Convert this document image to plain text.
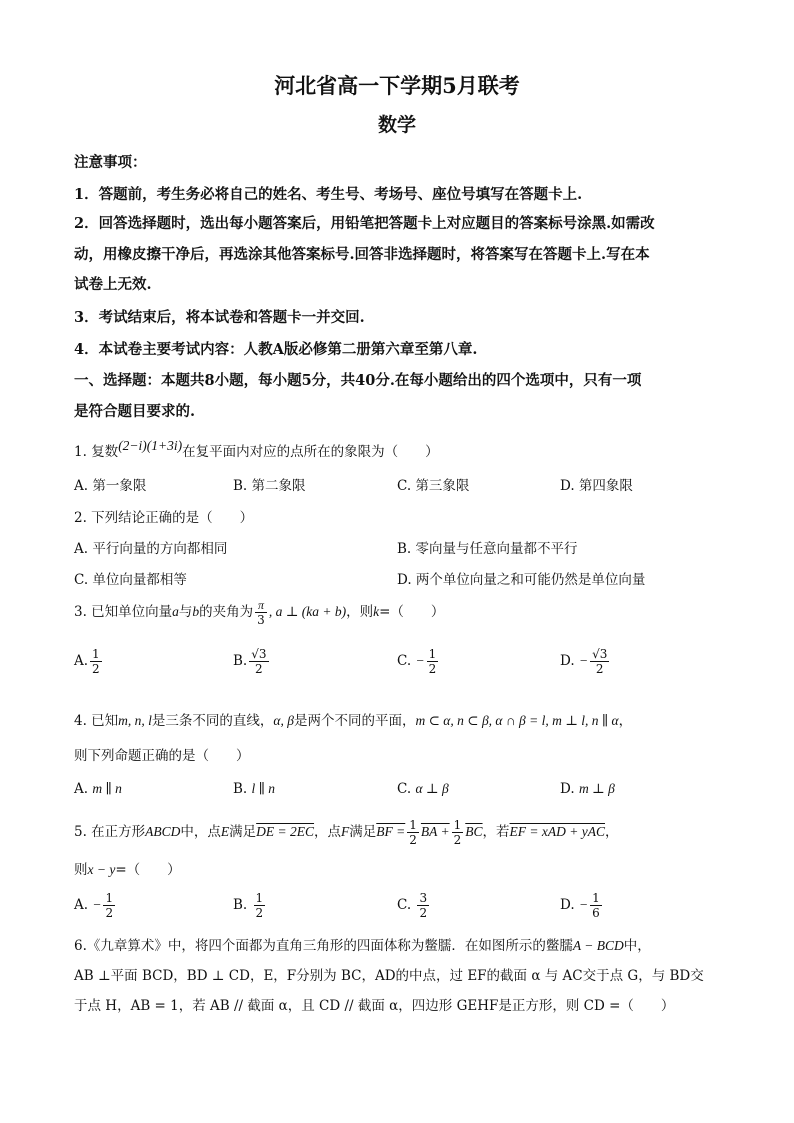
河北省高一下学期5月联考
数学
注意事项：
1．答题前，考生务必将自己的姓名、考生号、考场号、座位号填写在答题卡上.
2．回答选择题时，选出每小题答案后，用铅笔把答题卡上对应题目的答案标号涂黑.如需改
动，用橡皮擦干净后，再选涂其他答案标号.回答非选择题时，将答案写在答题卡上.写在本
试卷上无效.
3．考试结束后，将本试卷和答题卡一并交回.
4．本试卷主要考试内容：人教A版必修第二册第六章至第八章.
一、选择题：本题共8小题，每小题5分，共40分.在每小题给出的四个选项中，只有一项
是符合题目要求的.
1. 复数(2−i)(1+3i)在复平面内对应的点所在的象限为（　　）
A. 第一象限	B. 第二象限	C. 第三象限	D. 第四象限
2. 下列结论正确的是（　　）
A. 平行向量的方向都相同	B. 零向量与任意向量都不平行
C. 单位向量都相等	D. 两个单位向量之和可能仍然是单位向量
3. 已知单位向量a与b的夹角为 $\frac{\pi}{3}$ , a ⊥ (ka + b)，则k=（　　）
A. $\frac{1}{2}$	B. $\frac{√3}{2}$	C. − $\frac{1}{2}$	D. − $\frac{√3}{2}$
4. 已知m, n, l是三条不同的直线，α, β是两个不同的平面，m ⊂ α, n ⊂ β, α ∩ β = l, m ⊥ l, n ∥ α，
则下列命题正确的是（　　）
A. m ∥ n	B. l ∥ n	C. α ⊥ β	D. m ⊥ β
5. 在正方形ABCD中，点E满足DE = 2EC，点F满足BF = $\frac{1}{2}$ BA + $\frac{1}{2} \overline{BC}$，若EF = xAD + yAC，
则x − y=（　　）
A. − $\frac{1}{2}$	B. $\frac{1}{2}$	C. $\frac{3}{2}$	D. − $\frac{1}{6}$
6.《九章算术》中，将四个面都为直角三角形的四面体称为鳖臑．在如图所示的鳖臑A − BCD中，
AB ⊥平面 BCD，BD ⊥ CD，E，F分别为 BC，AD的中点，过 EF的截面 α 与 AC交于点 G，与 BD交
于点 H，AB = 1，若 AB // 截面 α，且 CD // 截面 α，四边形 GEHF是正方形，则 CD =（　　）
